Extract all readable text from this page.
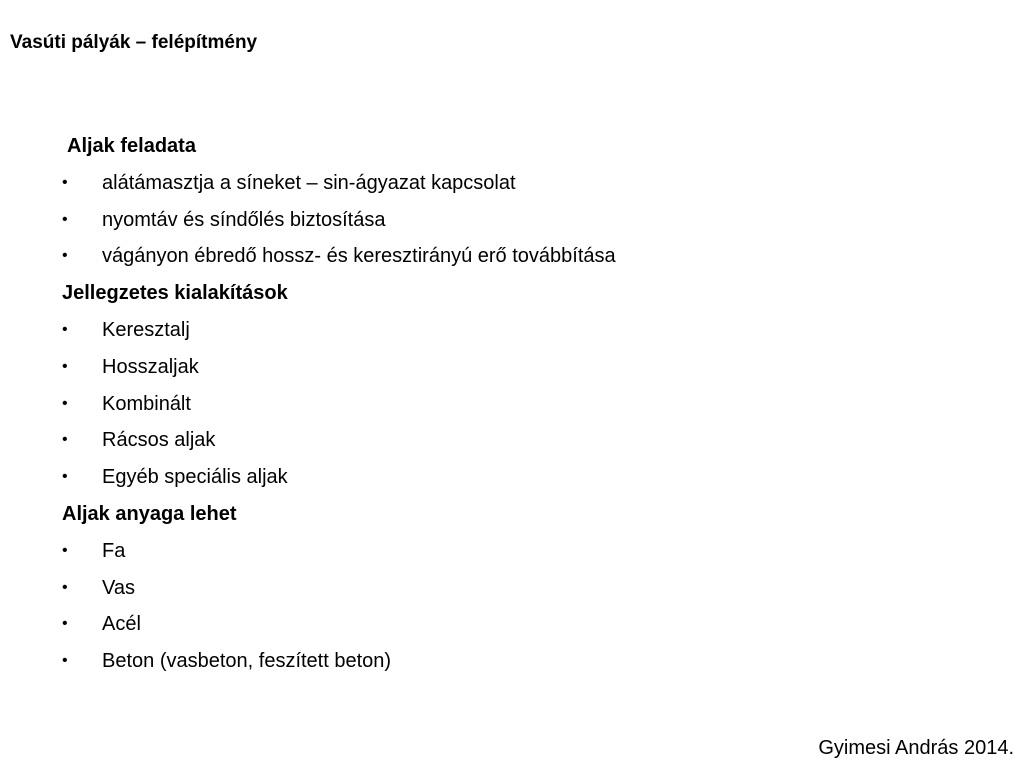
Vasúti pályák – felépítmény
Aljak feladata
•	alátámasztja a síneket – sin-ágyazat kapcsolat
•	nyomtáv és síndőlés biztosítása
•	vágányon ébredő hossz- és keresztirányú erő továbbítása
Jellegzetes kialakítások
•	Keresztalj
•	Hosszaljak
•	Kombinált
•	Rácsos aljak
•	Egyéb speciális aljak
Aljak anyaga lehet
•	Fa
•	Vas
•	Acél
•	Beton (vasbeton, feszített beton)
Gyimesi András 2014.
